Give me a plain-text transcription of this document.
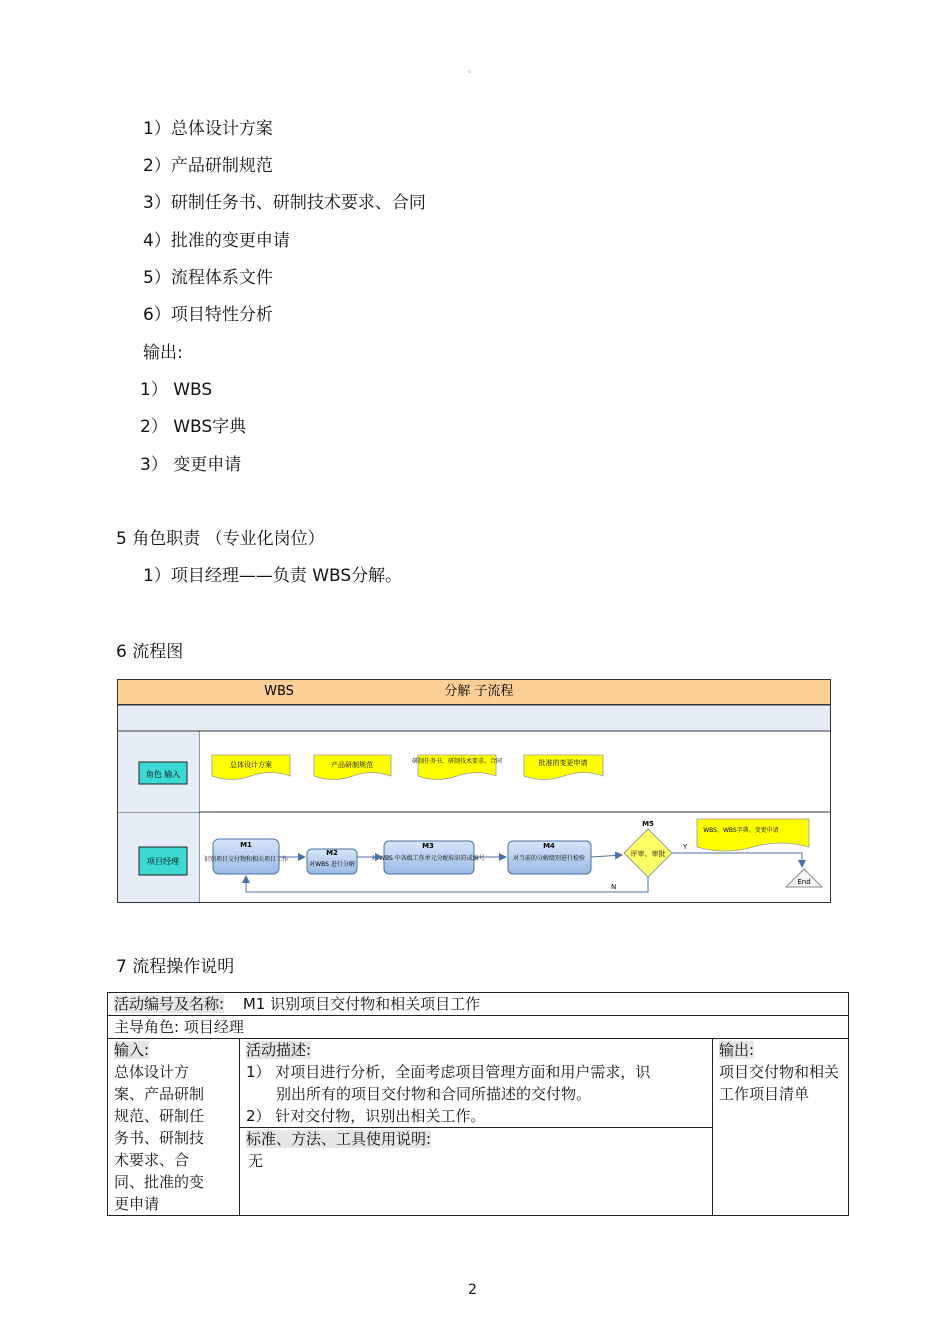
。
1）总体设计方案
2）产品研制规范
3）研制任务书、研制技术要求、合同
4）批准的变更申请
5）流程体系文件
6）项目特性分析
输出:
1） WBS
2） WBS字典
3） 变更申请
5 角色职责 （专业化岗位）
1）项目经理——负责 WBS分解。
6 流程图
WBS	分解 子流程
角色 输入
项目经理
总体设计方案	产品研制规范	研制任务书、研制技术要求、合同	批准的变更申请
M1
识别项目交付物和相关项目工作
M2
对WBS 进行分解
M3
对 WBS 中各级工作单元分配标识符或编号
M4
对当前的分解级别进行检验
M5
评审、审批
WBS、WBS字典、变更申请
End
Y
N
7 流程操作说明
活动编号及名称: M1 识别项目交付物和相关项目工作
主导角色: 项目经理

输入:
总体设计方案、产品研制规范、研制任务书、研制技术要求、合同、批准的变更申请

活动描述:
1） 对项目进行分析，全面考虑项目管理方面和用户需求，识别出所有的项目交付物和合同所描述的交付物。
2） 针对交付物，识别出相关工作。
标准、方法、工具使用说明:
无

输出:
项目交付物和相关工作项目清单
2
